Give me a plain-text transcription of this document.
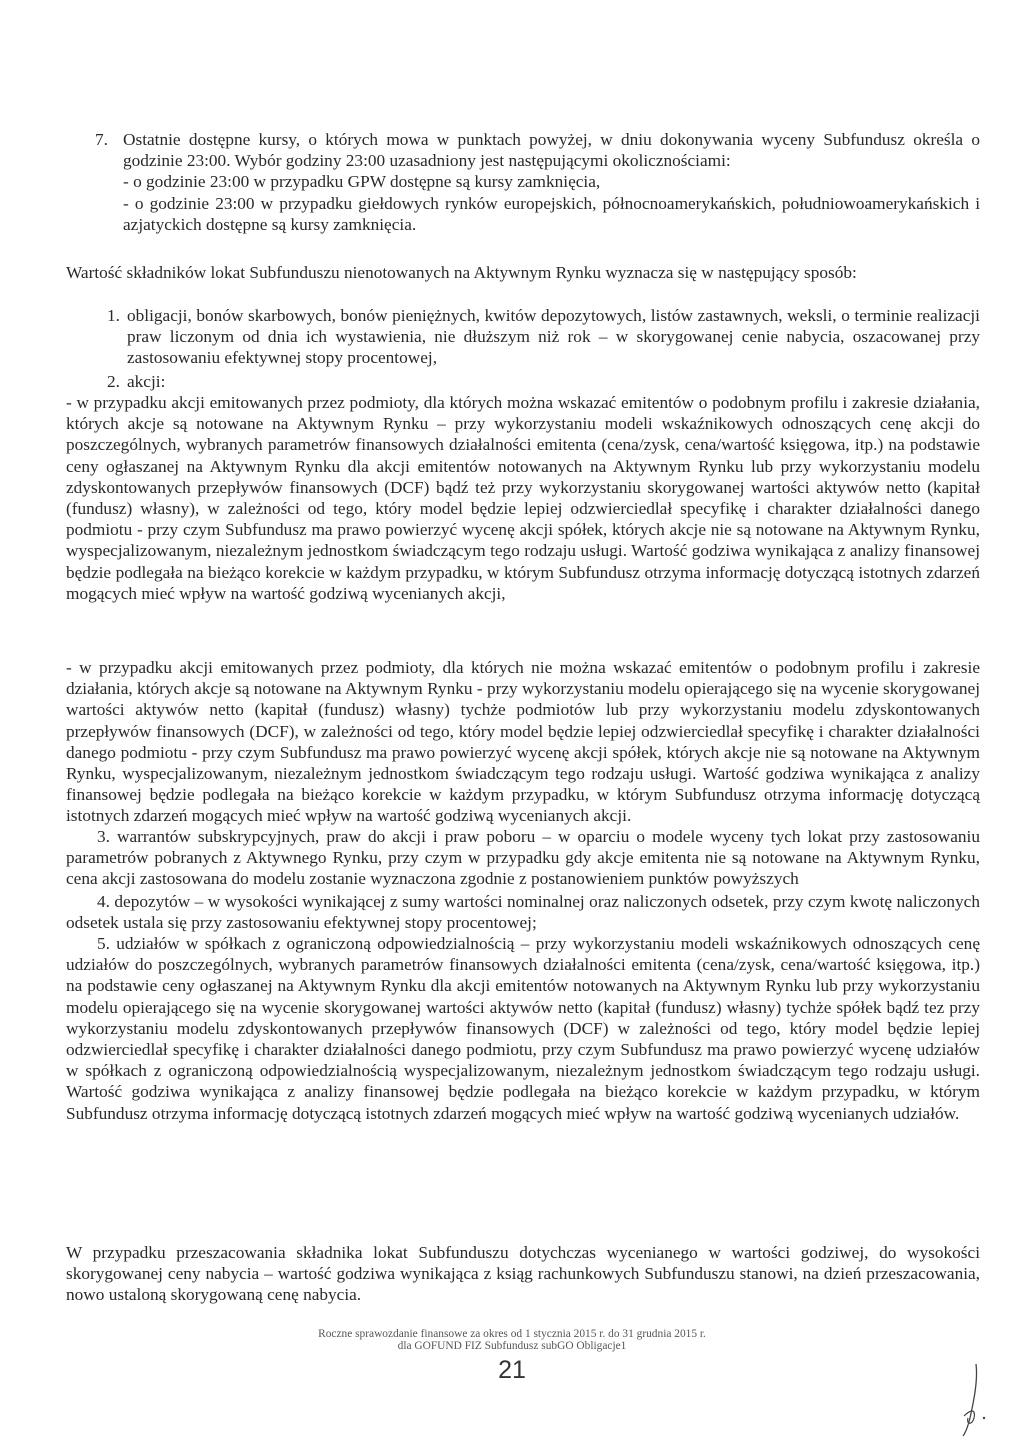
7. Ostatnie dostępne kursy, o których mowa w punktach powyżej, w dniu dokonywania wyceny Subfundusz określa o godzinie 23:00. Wybór godziny 23:00 uzasadniony jest następującymi okolicznościami:

- o godzinie 23:00 w przypadku GPW dostępne są kursy zamknięcia,

- o godzinie 23:00 w przypadku giełdowych rynków europejskich, północnoamerykańskich, południowoamerykańskich i azjatyckich dostępne są kursy zamknięcia.

Wartość składników lokat Subfunduszu nienotowanych na Aktywnym Rynku wyznacza się w następujący sposób:

1. obligacji, bonów skarbowych, bonów pieniężnych, kwitów depozytowych, listów zastawnych, weksli, o terminie realizacji praw liczonym od dnia ich wystawienia, nie dłuższym niż rok – w skorygowanej cenie nabycia, oszacowanej przy zastosowaniu efektywnej stopy procentowej,
2. akcji:
- w przypadku akcji emitowanych przez podmioty, dla których można wskazać emitentów o podobnym profilu i zakresie działania, których akcje są notowane na Aktywnym Rynku – przy wykorzystaniu modeli wskaźnikowych odnoszących cenę akcji do poszczególnych, wybranych parametrów finansowych działalności emitenta (cena/zysk, cena/wartość księgowa, itp.) na podstawie ceny ogłaszanej na Aktywnym Rynku dla akcji emitentów notowanych na Aktywnym Rynku lub przy wykorzystaniu modelu zdyskontowanych przepływów finansowych (DCF) bądź też przy wykorzystaniu skorygowanej wartości aktywów netto (kapitał (fundusz) własny), w zależności od tego, który model będzie lepiej odzwierciedlał specyfikę i charakter działalności danego podmiotu - przy czym Subfundusz ma prawo powierzyć wycenę akcji spółek, których akcje nie są notowane na Aktywnym Rynku, wyspecjalizowanym, niezależnym jednostkom świadczącym tego rodzaju usługi. Wartość godziwa wynikająca z analizy finansowej będzie podlegała na bieżąco korekcie w każdym przypadku, w którym Subfundusz otrzyma informację dotyczącą istotnych zdarzeń mogących mieć wpływ na wartość godziwą wycenianych akcji,
- w przypadku akcji emitowanych przez podmioty, dla których nie można wskazać emitentów o podobnym profilu i zakresie działania, których akcje są notowane na Aktywnym Rynku - przy wykorzystaniu modelu opierającego się na wycenie skorygowanej wartości aktywów netto (kapitał (fundusz) własny) tychże podmiotów lub przy wykorzystaniu modelu zdyskontowanych przepływów finansowych (DCF), w zależności od tego, który model będzie lepiej odzwierciedlał specyfikę i charakter działalności danego podmiotu - przy czym Subfundusz ma prawo powierzyć wycenę akcji spółek, których akcje nie są notowane na Aktywnym Rynku, wyspecjalizowanym, niezależnym jednostkom świadczącym tego rodzaju usługi. Wartość godziwa wynikająca z analizy finansowej będzie podlegała na bieżąco korekcie w każdym przypadku, w którym Subfundusz otrzyma informację dotyczącą istotnych zdarzeń mogących mieć wpływ na wartość godziwą wycenianych akcji.
3. warrantów subskrypcyjnych, praw do akcji i praw poboru – w oparciu o modele wyceny tych lokat przy zastosowaniu parametrów pobranych z Aktywnego Rynku, przy czym w przypadku gdy akcje emitenta nie są notowane na Aktywnym Rynku, cena akcji zastosowana do modelu zostanie wyznaczona zgodnie z postanowieniem punktów powyższych
4. depozytów – w wysokości wynikającej z sumy wartości nominalnej oraz naliczonych odsetek, przy czym kwotę naliczonych odsetek ustala się przy zastosowaniu efektywnej stopy procentowej;
5. udziałów w spółkach z ograniczoną odpowiedzialnością – przy wykorzystaniu modeli wskaźnikowych odnoszących cenę udziałów do poszczególnych, wybranych parametrów finansowych działalności emitenta (cena/zysk, cena/wartość księgowa, itp.) na podstawie ceny ogłaszanej na Aktywnym Rynku dla akcji emitentów notowanych na Aktywnym Rynku lub przy wykorzystaniu modelu opierającego się na wycenie skorygowanej wartości aktywów netto (kapitał (fundusz) własny) tychże spółek bądź tez przy wykorzystaniu modelu zdyskontowanych przepływów finansowych (DCF) w zależności od tego, który model będzie lepiej odzwierciedlał specyfikę i charakter działalności danego podmiotu, przy czym Subfundusz ma prawo powierzyć wycenę udziałów w spółkach z ograniczoną odpowiedzialnością wyspecjalizowanym, niezależnym jednostkom świadczącym tego rodzaju usługi. Wartość godziwa wynikająca z analizy finansowej będzie podlegała na bieżąco korekcie w każdym przypadku, w którym Subfundusz otrzyma informację dotyczącą istotnych zdarzeń mogących mieć wpływ na wartość godziwą wycenianych udziałów.
W przypadku przeszacowania składnika lokat Subfunduszu dotychczas wycenianego w wartości godziwej, do wysokości skorygowanej ceny nabycia – wartość godziwa wynikająca z ksiąg rachunkowych Subfunduszu stanowi, na dzień przeszacowania, nowo ustaloną skorygowaną cenę nabycia.
Roczne sprawozdanie finansowe za okres od 1 stycznia 2015 r. do 31 grudnia 2015 r.
dla GOFUND FIZ Subfundusz subGO Obligacje1
21
